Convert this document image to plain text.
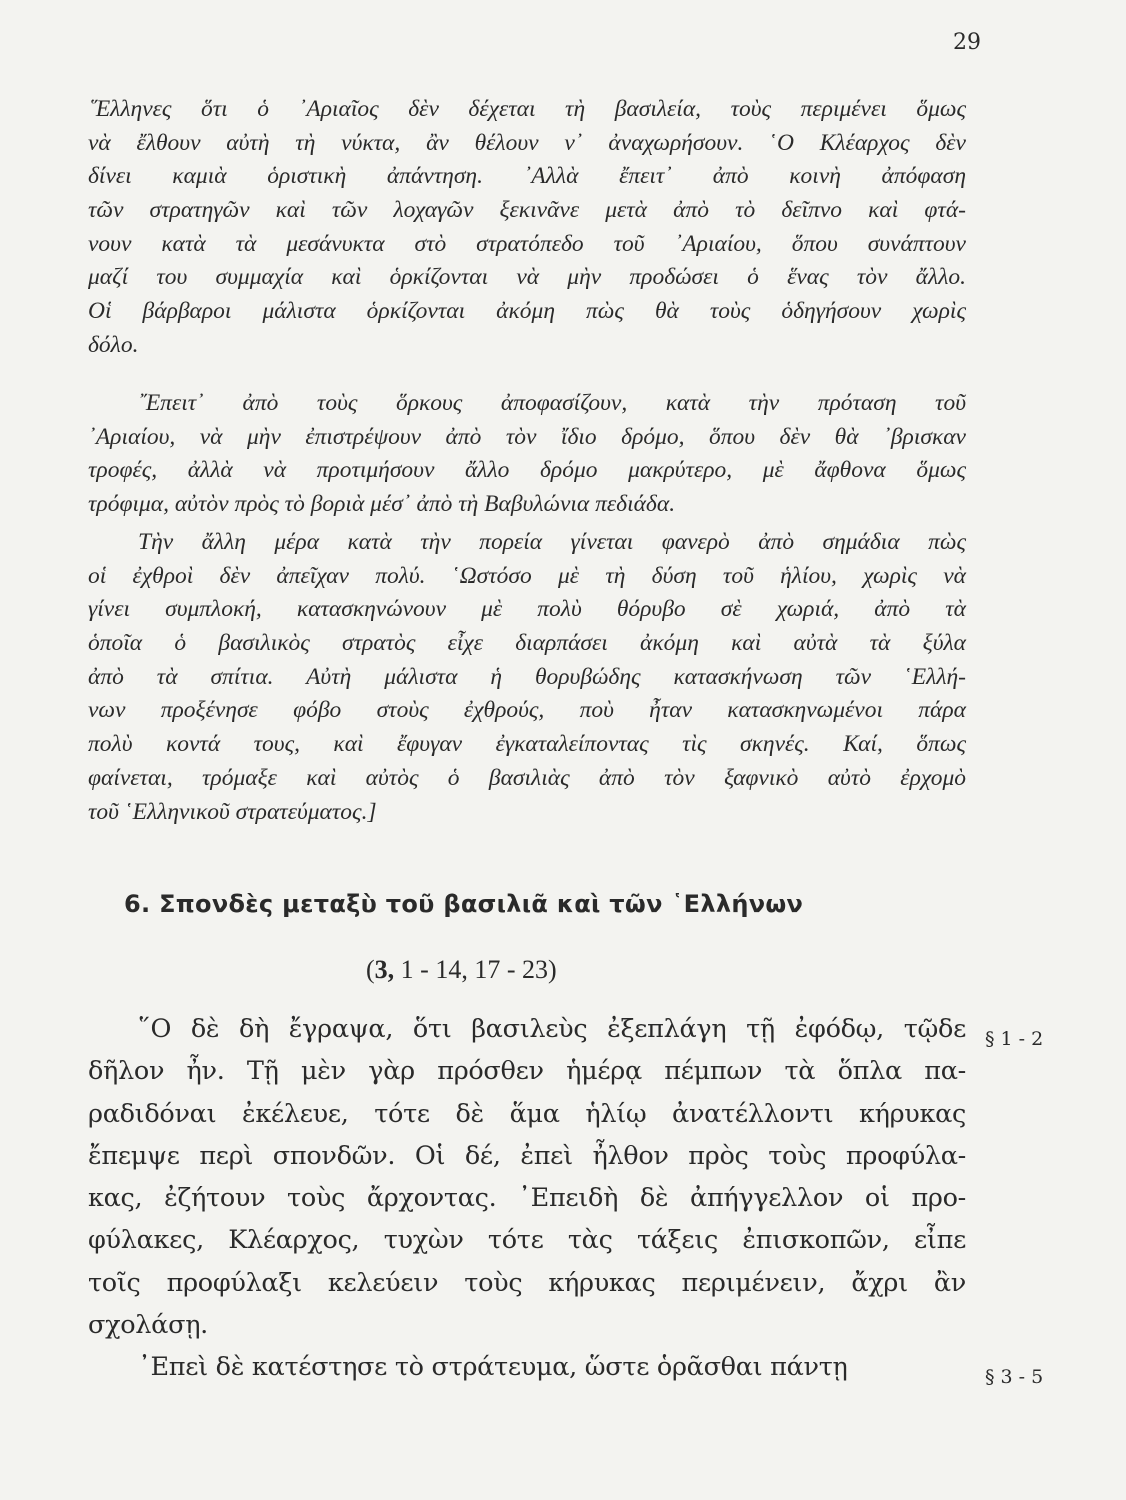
29
῞Ελληνες ὅτι ὁ ᾿Αριαῖος δὲν δέχεται τὴ βασιλεία, τοὺς περιμένει ὅμως
νὰ ἔλθουν αὐτὴ τὴ νύκτα, ἂν θέλουν ν᾿ ἀναχωρήσουν. ῾Ο Κλέαρχος δὲν
δίνει καμιὰ ὁριστικὴ ἀπάντηση. ᾿Αλλὰ ἔπειτ᾿ ἀπὸ κοινὴ ἀπόφαση
τῶν στρατηγῶν καὶ τῶν λοχαγῶν ξεκινᾶνε μετὰ ἀπὸ τὸ δεῖπνο καὶ φτά-
νουν κατὰ τὰ μεσάνυκτα στὸ στρατόπεδο τοῦ ᾿Αριαίου, ὅπου συνάπτουν
μαζί του συμμαχία καὶ ὁρκίζονται νὰ μὴν προδώσει ὁ ἕνας τὸν ἄλλο.
Οἱ βάρβαροι μάλιστα ὁρκίζονται ἀκόμη πὼς θὰ τοὺς ὁδηγήσουν χωρὶς
δόλο.
῎Επειτ᾿ ἀπὸ τοὺς ὅρκους ἀποφασίζουν, κατὰ τὴν πρόταση τοῦ
᾿Αριαίου, νὰ μὴν ἐπιστρέψουν ἀπὸ τὸν ἴδιο δρόμο, ὅπου δὲν θὰ ᾿βρισκαν
τροφές, ἀλλὰ νὰ προτιμήσουν ἄλλο δρόμο μακρύτερο, μὲ ἄφθονα ὅμως
τρόφιμα, αὐτὸν πρὸς τὸ βοριὰ μέσ᾿ ἀπὸ τὴ Βαβυλώνια πεδιάδα.
Τὴν ἄλλη μέρα κατὰ τὴν πορεία γίνεται φανερὸ ἀπὸ σημάδια πὼς
οἱ ἐχθροὶ δὲν ἀπεῖχαν πολύ. ῾Ωστόσο μὲ τὴ δύση τοῦ ἡλίου, χωρὶς νὰ
γίνει συμπλοκή, κατασκηνώνουν μὲ πολὺ θόρυβο σὲ χωριά, ἀπὸ τὰ
ὁποῖα ὁ βασιλικὸς στρατὸς εἶχε διαρπάσει ἀκόμη καὶ αὐτὰ τὰ ξύλα
ἀπὸ τὰ σπίτια. Αὐτὴ μάλιστα ἡ θορυβώδης κατασκήνωση τῶν ῾Ελλή-
νων προξένησε φόβο στοὺς ἐχθρούς, ποὺ ἦταν κατασκηνωμένοι πάρα
πολὺ κοντά τους, καὶ ἔφυγαν ἐγκαταλείποντας τὶς σκηνές. Καί, ὅπως
φαίνεται, τρόμαξε καὶ αὐτὸς ὁ βασιλιὰς ἀπὸ τὸν ξαφνικὸ αὐτὸ ἐρχομὸ
τοῦ ῾Ελληνικοῦ στρατεύματος.]
6. Σπονδὲς μεταξὺ τοῦ βασιλιᾶ καὶ τῶν ῾Ελλήνων
(3, 1 - 14, 17 - 23)
῞Ο δὲ δὴ ἔγραψα, ὅτι βασιλεὺς ἐξεπλάγη τῇ ἐφόδῳ, τῷδε
δῆλον ἦν. Τῇ μὲν γὰρ πρόσθεν ἡμέρᾳ πέμπων τὰ ὅπλα πα-
ραδιδόναι ἐκέλευε, τότε δὲ ἅμα ἡλίῳ ἀνατέλλοντι κήρυκας
ἔπεμψε περὶ σπονδῶν. Οἱ δέ, ἐπεὶ ἦλθον πρὸς τοὺς προφύλα-
κας, ἐζήτουν τοὺς ἄρχοντας. ᾿Επειδὴ δὲ ἀπήγγελλον οἱ προ-
φύλακες, Κλέαρχος, τυχὼν τότε τὰς τάξεις ἐπισκοπῶν, εἶπε
τοῖς προφύλαξι κελεύειν τοὺς κήρυκας περιμένειν, ἄχρι ἂν
σχολάσῃ.
᾿Επεὶ δὲ κατέστησε τὸ στράτευμα, ὥστε ὁρᾶσθαι πάντῃ
§ 1 - 2
§ 3 - 5
